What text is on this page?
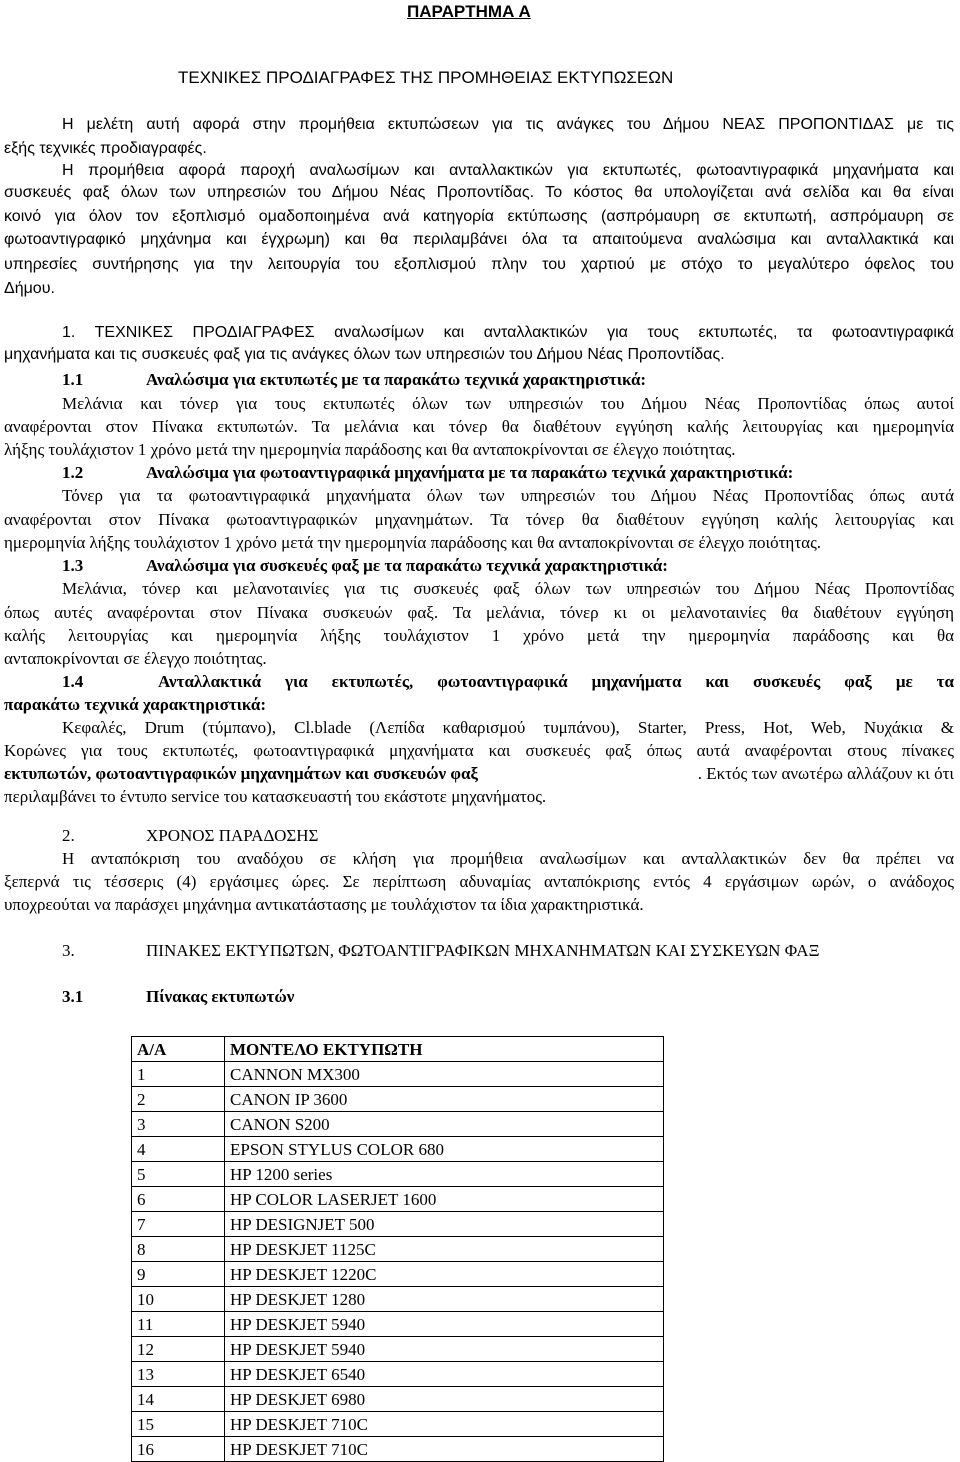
ΠΑΡΑΡΤΗΜΑ Α
ΤΕΧΝΙΚΕΣ ΠΡΟΔΙΑΓΡΑΦΕΣ ΤΗΣ ΠΡΟΜΗΘΕΙΑΣ ΕΚΤΥΠΩΣΕΩΝ
Η μελέτη αυτή αφορά στην προμήθεια εκτυπώσεων για τις ανάγκες του Δήμου ΝΕΑΣ ΠΡΟΠΟΝΤΙΔΑΣ με τις
εξής τεχνικές προδιαγραφές.
Η προμήθεια αφορά παροχή αναλωσίμων και ανταλλακτικών για εκτυπωτές, φωτοαντιγραφικά μηχανήματα και
συσκευές φαξ όλων των υπηρεσιών του Δήμου Νέας Προποντίδας. Το κόστος θα υπολογίζεται ανά σελίδα και θα είναι
κοινό για όλον τον εξοπλισμό ομαδοποιημένα ανά κατηγορία εκτύπωσης (ασπρόμαυρη σε εκτυπωτή, ασπρόμαυρη σε
φωτοαντιγραφικό μηχάνημα και έγχρωμη) και θα περιλαμβάνει όλα τα απαιτούμενα αναλώσιμα και ανταλλακτικά και
υπηρεσίες συντήρησης για την λειτουργία του εξοπλισμού πλην του χαρτιού με στόχο το μεγαλύτερο όφελος του
Δήμου.
1. ΤΕΧΝΙΚΕΣ ΠΡΟΔΙΑΓΡΑΦΕΣ αναλωσίμων και ανταλλακτικών για τους εκτυπωτές, τα φωτοαντιγραφικά
μηχανήματα και τις συσκευές φαξ για τις ανάγκες όλων των υπηρεσιών του Δήμου Νέας Προποντίδας.
1.1	Αναλώσιμα για εκτυπωτές με τα παρακάτω τεχνικά χαρακτηριστικά:
Μελάνια και τόνερ για τους εκτυπωτές όλων των υπηρεσιών του Δήμου Νέας Προποντίδας όπως αυτοί
αναφέρονται στον Πίνακα εκτυπωτών. Τα μελάνια και τόνερ θα διαθέτουν εγγύηση καλής λειτουργίας και ημερομηνία
λήξης τουλάχιστον 1 χρόνο μετά την ημερομηνία παράδοσης και θα ανταποκρίνονται σε έλεγχο ποιότητας.
1.2	Αναλώσιμα για φωτοαντιγραφικά μηχανήματα με τα παρακάτω τεχνικά χαρακτηριστικά:
Τόνερ για τα φωτοαντιγραφικά μηχανήματα όλων των υπηρεσιών του Δήμου Νέας Προποντίδας όπως αυτά
αναφέρονται στον Πίνακα φωτοαντιγραφικών μηχανημάτων. Τα τόνερ θα διαθέτουν εγγύηση καλής λειτουργίας και
ημερομηνία λήξης τουλάχιστον 1 χρόνο μετά την ημερομηνία παράδοσης και θα ανταποκρίνονται σε έλεγχο ποιότητας.
1.3	Αναλώσιμα για συσκευές φαξ με τα παρακάτω τεχνικά χαρακτηριστικά:
Μελάνια, τόνερ και μελανοταινίες για τις συσκευές φαξ όλων των υπηρεσιών του Δήμου Νέας Προποντίδας
όπως αυτές αναφέρονται στον Πίνακα συσκευών φαξ. Τα μελάνια, τόνερ κι οι μελανοταινίες θα διαθέτουν εγγύηση
καλής λειτουργίας και ημερομηνία λήξης τουλάχιστον 1 χρόνο μετά την ημερομηνία παράδοσης και θα
ανταποκρίνονται σε έλεγχο ποιότητας.
1.4	Ανταλλακτικά για εκτυπωτές, φωτοαντιγραφικά μηχανήματα και συσκευές φαξ με τα
παρακάτω τεχνικά χαρακτηριστικά:
Κεφαλές, Drum (τύμπανο), Cl.blade (Λεπίδα καθαρισμού τυμπάνου), Starter, Press, Hot, Web, Νυχάκια &
Κορώνες για τους εκτυπωτές, φωτοαντιγραφικά μηχανήματα και συσκευές φαξ όπως αυτά αναφέρονται στους πίνακες
εκτυπωτών, φωτοαντιγραφικών μηχανημάτων και συσκευών φαξ	. Εκτός των ανωτέρω αλλάζουν κι ότι
περιλαμβάνει το έντυπο service του κατασκευαστή του εκάστοτε μηχανήματος.
2.	ΧΡΟΝΟΣ ΠΑΡΑΔΟΣΗΣ
Η ανταπόκριση του αναδόχου σε κλήση για προμήθεια αναλωσίμων και ανταλλακτικών δεν θα πρέπει να
ξεπερνά τις τέσσερις (4) εργάσιμες ώρες. Σε περίπτωση αδυναμίας ανταπόκρισης εντός 4 εργάσιμων ωρών, ο ανάδοχος
υποχρεούται να παράσχει μηχάνημα αντικατάστασης με τουλάχιστον τα ίδια χαρακτηριστικά.
3.	ΠΙΝΑΚΕΣ ΕΚΤΥΠΩΤΩΝ, ΦΩΤΟΑΝΤΙΓΡΑΦΙΚΩΝ ΜΗΧΑΝΗΜΑΤΩΝ ΚΑΙ ΣΥΣΚΕΥΩΝ ΦΑΞ
3.1	Πίνακας εκτυπωτών
Α/Α	ΜΟΝΤΕΛΟ ΕΚΤΥΠΩΤΗ
1	CANNON MX300
2	CANON IP 3600
3	CANON S200
4	EPSON STYLUS COLOR 680
5	HP 1200 series
6	HP COLOR LASERJET 1600
7	HP DESIGNJET 500
8	HP DESKJET 1125C
9	HP DESKJET 1220C
10	HP DESKJET 1280
11	HP DESKJET 5940
12	HP DESKJET 5940
13	HP DESKJET 6540
14	HP DESKJET 6980
15	HP DESKJET 710C
16	HP DESKJET 710C
